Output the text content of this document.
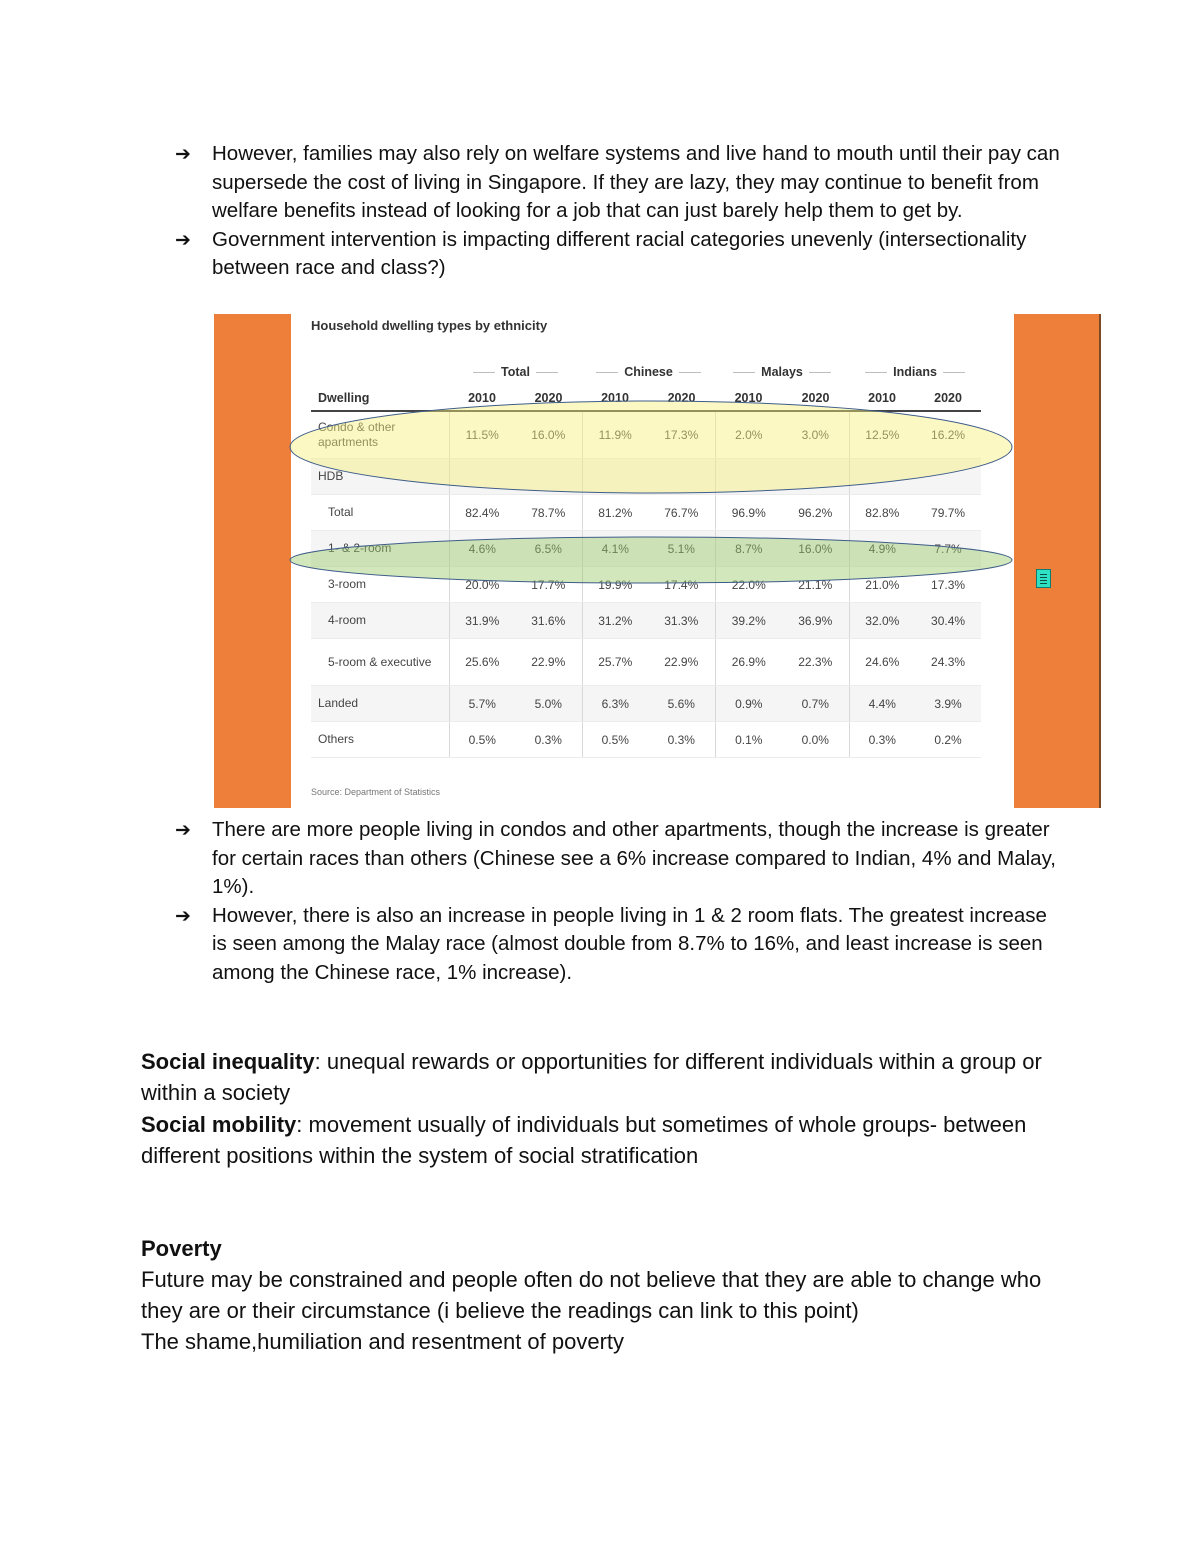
➔ However, families may also rely on welfare systems and live hand to mouth until their pay can supersede the cost of living in Singapore. If they are lazy, they may continue to benefit from welfare benefits instead of looking for a job that can just barely help them to get by.
➔ Government intervention is impacting different racial categories unevenly (intersectionality between race and class?)
Household dwelling types by ethnicity

	Total		Chinese		Malays		Indians	

Dwelling	2010	2020	2010	2020	2010	2020	2010	2020
Condo & other apartments	11.5%	16.0%	11.9%	17.3%	2.0%	3.0%	12.5%	16.2%
HDB								
Total	82.4%	78.7%	81.2%	76.7%	96.9%	96.2%	82.8%	79.7%
1- & 2-room	4.6%	6.5%	4.1%	5.1%	8.7%	16.0%	4.9%	7.7%
3-room	20.0%	17.7%	19.9%	17.4%	22.0%	21.1%	21.0%	17.3%
4-room	31.9%	31.6%	31.2%	31.3%	39.2%	36.9%	32.0%	30.4%
5-room & executive	25.6%	22.9%	25.7%	22.9%	26.9%	22.3%	24.6%	24.3%
Landed	5.7%	5.0%	6.3%	5.6%	0.9%	0.7%	4.4%	3.9%
Others	0.5%	0.3%	0.5%	0.3%	0.1%	0.0%	0.3%	0.2%
Source: Department of Statistics
➔ There are more people living in condos and other apartments, though the increase is greater for certain races than others (Chinese see a 6% increase compared to Indian, 4% and Malay, 1%).
➔ However, there is also an increase in people living in 1 & 2 room flats. The greatest increase is seen among the Malay race (almost double from 8.7% to 16%, and least increase is seen among the Chinese race, 1% increase).

Social inequality: unequal rewards or opportunities for different individuals within a group or within a society

Social mobility: movement usually of individuals but sometimes of whole groups- between different positions within the system of social stratification

Poverty

Future may be constrained and people often do not believe that they are able to change who they are or their circumstance (i believe the readings can link to this point)

The shame,humiliation and resentment of poverty
